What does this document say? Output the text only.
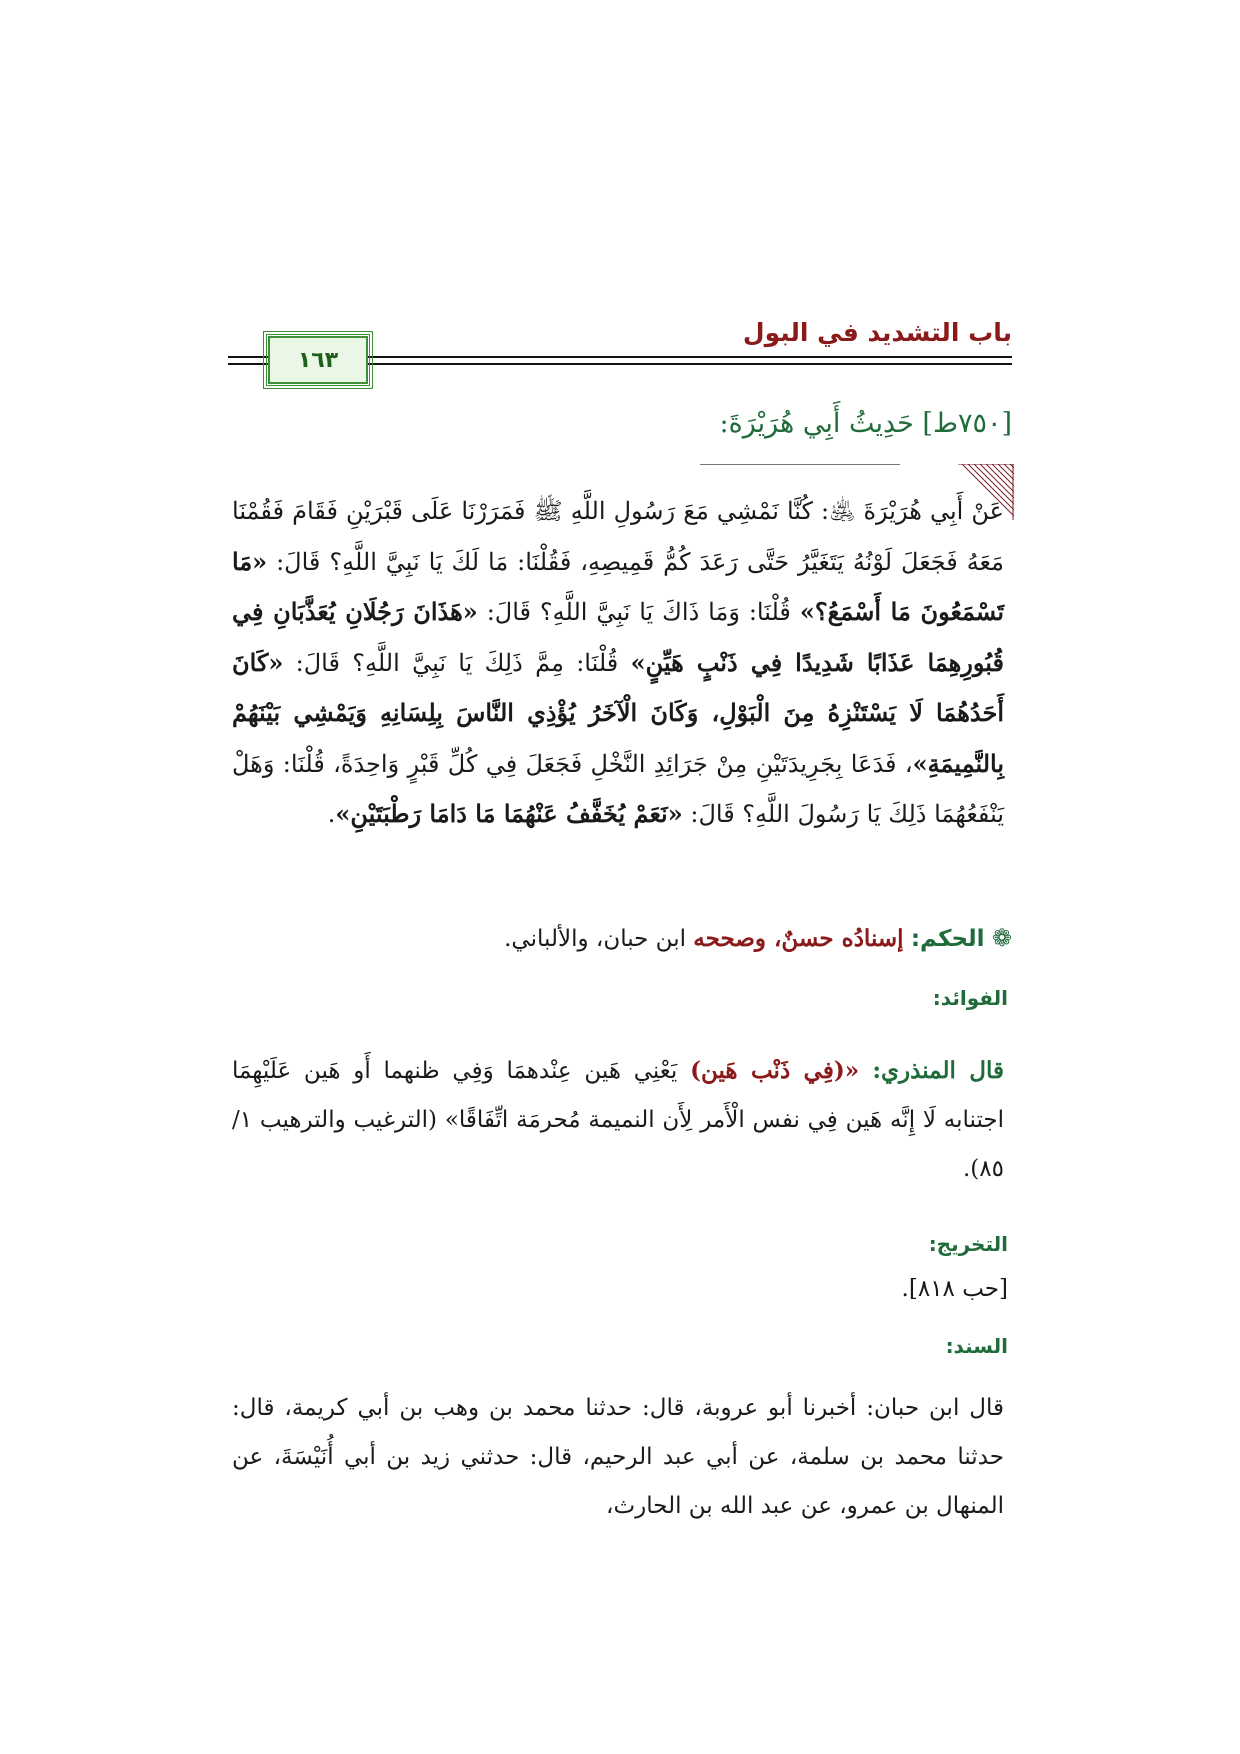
باب التشديد في البول
١٦٣
[٧٥٠ط] حَدِيثُ أَبِي هُرَيْرَةَ:
عَنْ أَبِي هُرَيْرَةَ ﵁: كُنَّا نَمْشِي مَعَ رَسُولِ اللَّهِ ﷺ فَمَرَرْنَا عَلَى قَبْرَيْنِ فَقَامَ فَقُمْنَا مَعَهُ فَجَعَلَ لَوْنُهُ يَتَغَيَّرُ حَتَّى رَعَدَ كُمُّ قَمِيصِهِ، فَقُلْنَا: مَا لَكَ يَا نَبِيَّ اللَّهِ؟ قَالَ: «مَا تَسْمَعُونَ مَا أَسْمَعُ؟» قُلْنَا: وَمَا ذَاكَ يَا نَبِيَّ اللَّهِ؟ قَالَ: «هَذَانَ رَجُلَانِ يُعَذَّبَانِ فِي قُبُورِهِمَا عَذَابًا شَدِيدًا فِي ذَنْبٍ هَيِّنٍ» قُلْنَا: مِمَّ ذَلِكَ يَا نَبِيَّ اللَّهِ؟ قَالَ: «كَانَ أَحَدُهُمَا لَا يَسْتَنْزِهُ مِنَ الْبَوْلِ، وَكَانَ الْآخَرُ يُؤْذِي النَّاسَ بِلِسَانِهِ وَيَمْشِي بَيْنَهُمْ بِالنَّمِيمَةِ»، فَدَعَا بِجَرِيدَتَيْنِ مِنْ جَرَائِدِ النَّخْلِ فَجَعَلَ فِي كُلِّ قَبْرٍ وَاحِدَةً، قُلْنَا: وَهَلْ يَنْفَعُهُمَا ذَلِكَ يَا رَسُولَ اللَّهِ؟ قَالَ: «نَعَمْ يُخَفَّفُ عَنْهُمَا مَا دَامَا رَطْبَتَيْنِ».
❁ الحكم: إسنادُه حسنٌ، وصححه ابن حبان، والألباني.
الفوائد:
قال المنذري: «(فِي ذَنْب هَين) يَعْنِي هَين عِنْدهمَا وَفِي ظنهما أَو هَين عَلَيْهِمَا اجتنابه لَا إِنَّه هَين فِي نفس الْأَمر لِأَن النميمة مُحرمَة اتِّفَاقًا» (الترغيب والترهيب ١/ ٨٥).
التخريج:
[حب ٨١٨].
السند:
قال ابن حبان: أخبرنا أبو عروبة، قال: حدثنا محمد بن وهب بن أبي كريمة، قال: حدثنا محمد بن سلمة، عن أبي عبد الرحيم، قال: حدثني زيد بن أبي أُنَيْسَةَ، عن المنهال بن عمرو، عن عبد الله بن الحارث،
